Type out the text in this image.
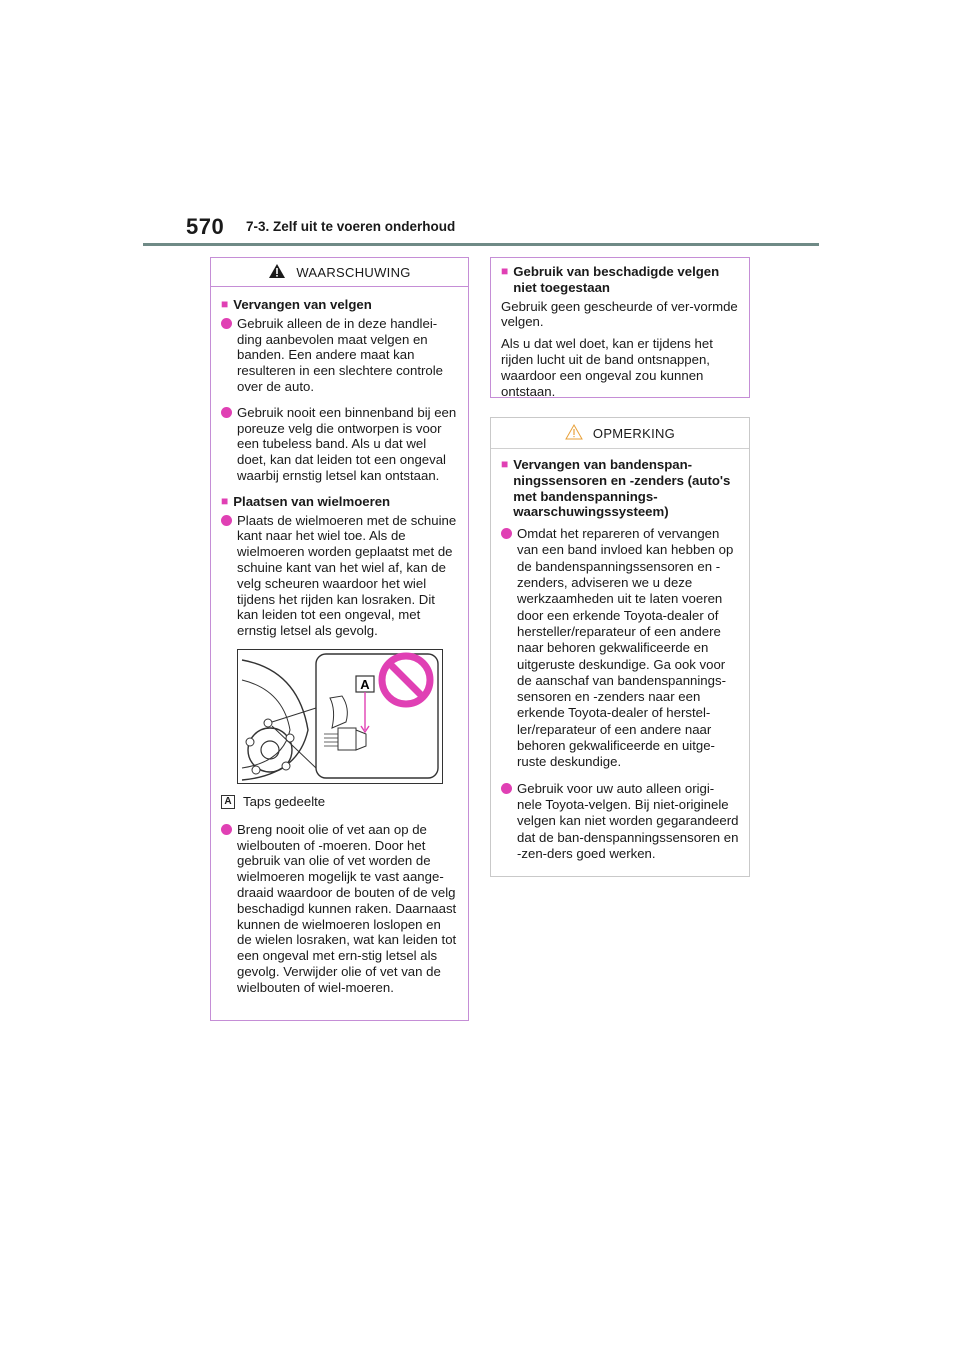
570 7-3. Zelf uit te voeren onderhoud
WAARSCHUWING
■ Vervangen van velgen
Gebruik alleen de in deze handlei-ding aanbevolen maat velgen en banden. Een andere maat kan resulteren in een slechtere controle over de auto.
Gebruik nooit een binnenband bij een poreuze velg die ontworpen is voor een tubeless band. Als u dat wel doet, kan dat leiden tot een ongeval waarbij ernstig letsel kan ontstaan.
■ Plaatsen van wielmoeren
Plaats de wielmoeren met de schuine kant naar het wiel toe. Als de wielmoeren worden geplaatst met de schuine kant van het wiel af, kan de velg scheuren waardoor het wiel tijdens het rijden kan losraken. Dit kan leiden tot een ongeval, met ernstig letsel als gevolg.
A
A Taps gedeelte
Breng nooit olie of vet aan op de wielbouten of -moeren. Door het gebruik van olie of vet worden de wielmoeren mogelijk te vast aange-draaid waardoor de bouten of de velg beschadigd kunnen raken. Daarnaast kunnen de wielmoeren loslopen en de wielen losraken, wat kan leiden tot een ongeval met ern-stig letsel als gevolg. Verwijder olie of vet van de wielbouten of wiel-moeren.
■ Gebruik van beschadigde velgen niet toegestaan
Gebruik geen gescheurde of ver-vormde velgen.
Als u dat wel doet, kan er tijdens het rijden lucht uit de band ontsnappen, waardoor een ongeval zou kunnen ontstaan.
OPMERKING
■ Vervangen van bandenspan-ningssensoren en -zenders (auto's met bandenspannings-waarschuwingssysteem)
Omdat het repareren of vervangen van een band invloed kan hebben op de bandenspanningssensoren en -zenders, adviseren we u deze werkzaamheden uit te laten voeren door een erkende Toyota-dealer of hersteller/reparateur of een andere naar behoren gekwalificeerde en uitgeruste deskundige. Ga ook voor de aanschaf van bandenspannings-sensoren en -zenders naar een erkende Toyota-dealer of herstel-ler/reparateur of een andere naar behoren gekwalificeerde en uitge-ruste deskundige.
Gebruik voor uw auto alleen origi-nele Toyota-velgen. Bij niet-originele velgen kan niet worden gegarandeerd dat de ban-denspanningssensoren en -zen-ders goed werken.
